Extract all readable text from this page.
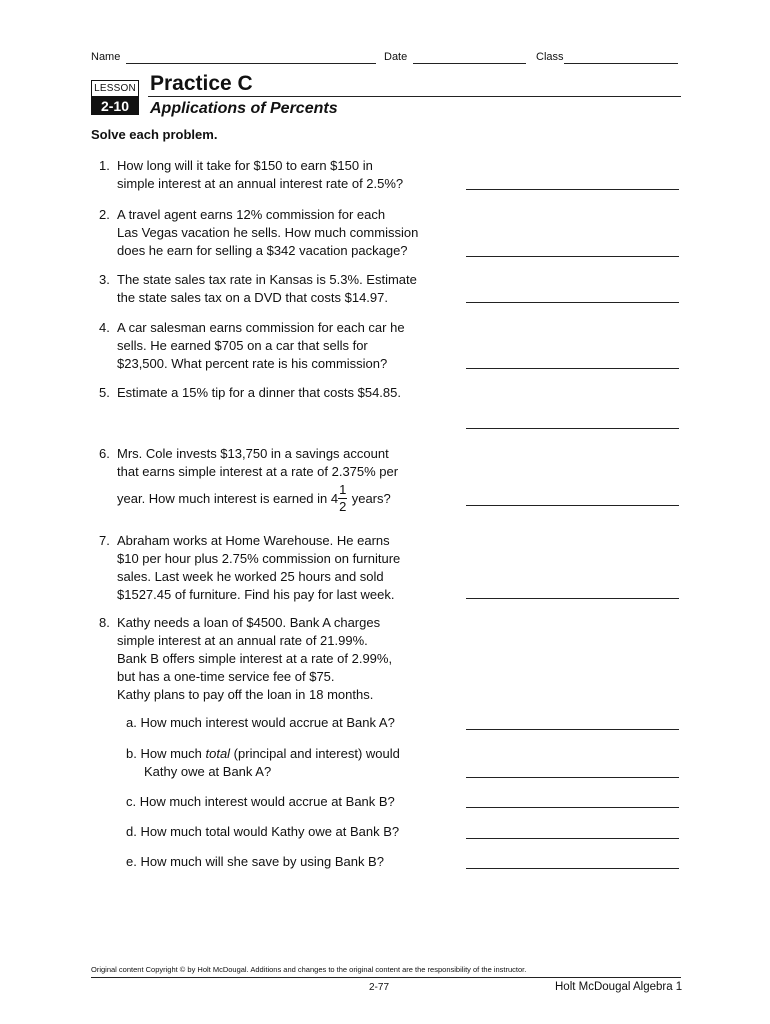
Name	Date	Class
LESSON
2-10
Practice C
Applications of Percents
Solve each problem.
1. How long will it take for $150 to earn $150 in
simple interest at an annual interest rate of 2.5%?
2. A travel agent earns 12% commission for each
Las Vegas vacation he sells. How much commission
does he earn for selling a $342 vacation package?
3. The state sales tax rate in Kansas is 5.3%. Estimate
the state sales tax on a DVD that costs $14.97.
4. A car salesman earns commission for each car he
sells. He earned $705 on a car that sells for
$23,500. What percent rate is his commission?
5. Estimate a 15% tip for a dinner that costs $54.85.
6. Mrs. Cole invests $13,750 in a savings account
that earns simple interest at a rate of 2.375% per
year. How much interest is earned in $4 \frac{1}{2}$ years?
7. Abraham works at Home Warehouse. He earns
$10 per hour plus 2.75% commission on furniture
sales. Last week he worked 25 hours and sold
$1527.45 of furniture. Find his pay for last week.
8. Kathy needs a loan of $4500. Bank A charges
simple interest at an annual rate of 21.99%.
Bank B offers simple interest at a rate of 2.99%,
but has a one-time service fee of $75.
Kathy plans to pay off the loan in 18 months.
a. How much interest would accrue at Bank A?
b. How much total (principal and interest) would
Kathy owe at Bank A?
c. How much interest would accrue at Bank B?
d. How much total would Kathy owe at Bank B?
e. How much will she save by using Bank B?
Original content Copyright © by Holt McDougal. Additions and changes to the original content are the responsibility of the instructor.
2-77	Holt McDougal Algebra 1
